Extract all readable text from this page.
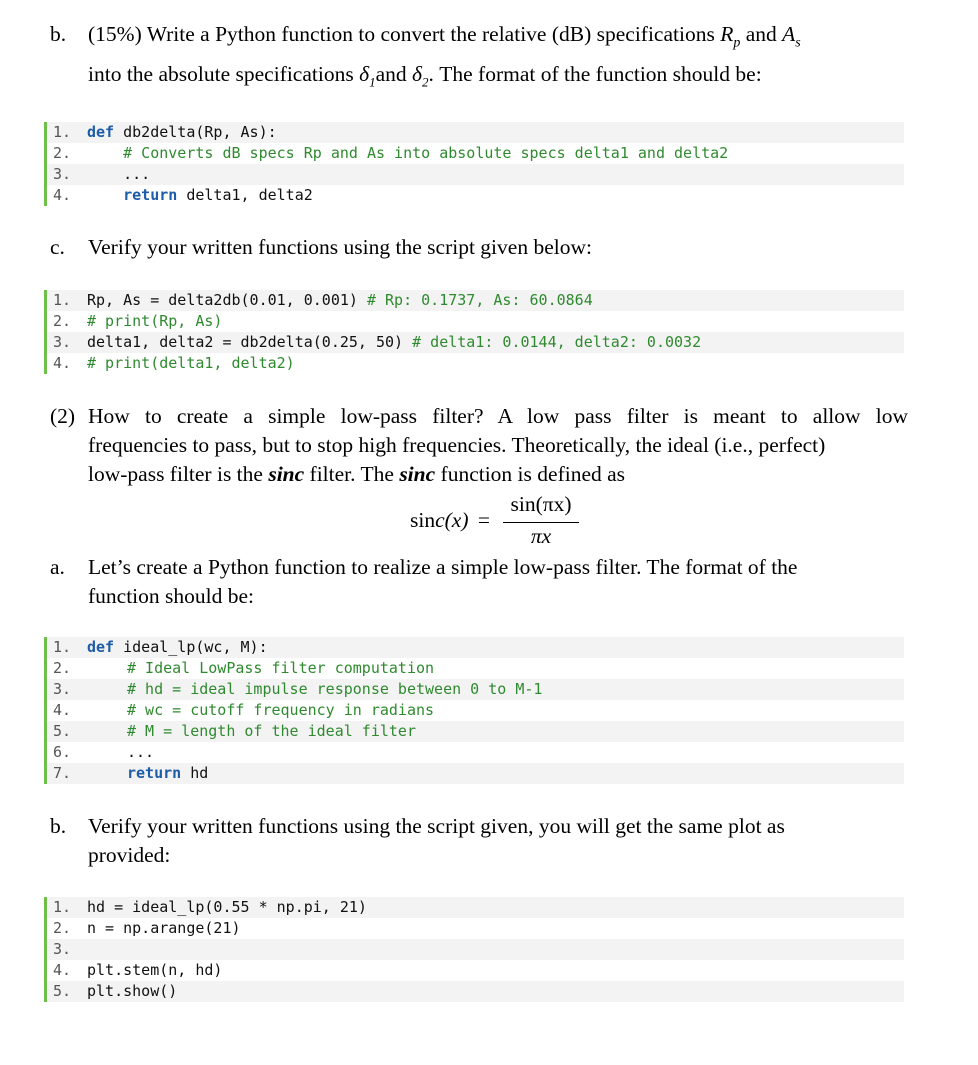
b. (15%) Write a Python function to convert the relative (dB) specifications $R_p$ and $A_s$
into the absolute specifications $\delta_1and$ $\delta_2$. The format of the function should be:

1.

	def db2delta(Rp, As):

2.

	# Converts dB specs Rp and As into absolute specs delta1 and delta2

3.

	...

4.

	return delta1, delta2

c. Verify your written functions using the script given below:

1.

	Rp, As = delta2db(0.01, 0.001) # Rp: 0.1737, As: 60.0864

2.

	# print(Rp, As)

3.

	delta1, delta2 = db2delta(0.25, 50) # delta1: 0.0144, delta2: 0.0032

4.

	# print(delta1, delta2)

(2) How to create a simple low-pass filter? A low pass filter is meant to allow low
frequencies to pass, but to stop high frequencies. Theoretically, the ideal (i.e., perfect)
low-pass filter is the sinc filter. The sinc function is defined as
sinc(x) =
sin(πx)
πx
a. Let’s create a Python function to realize a simple low-pass filter. The format of the
function should be:

1.

	def ideal_lp(wc, M):

2.

	# Ideal LowPass filter computation

3.

	# hd = ideal impulse response between 0 to M-1

4.

	# wc = cutoff frequency in radians

5.

	# M = length of the ideal filter

6.

	...

7.

	return hd

b. Verify your written functions using the script given, you will get the same plot as
provided:

1.

	hd = ideal_lp(0.55 * np.pi, 21)

2.

	n = np.arange(21)

3.

4.

	plt.stem(n, hd)

5.

	plt.show()
